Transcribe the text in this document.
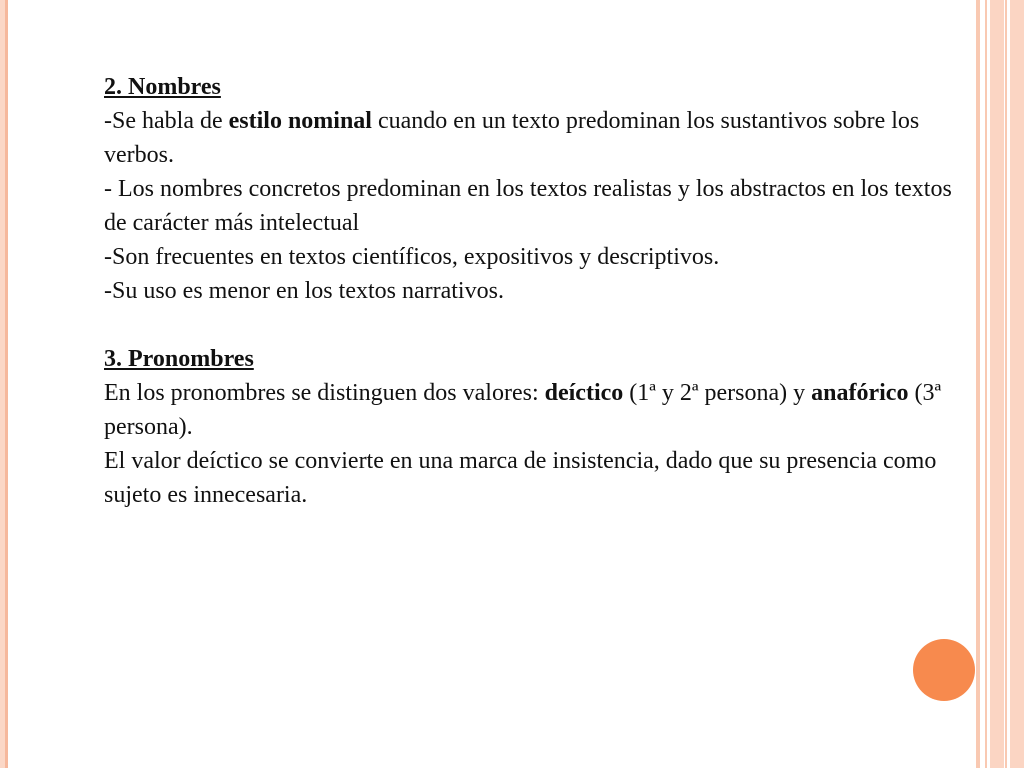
2. Nombres

-Se habla de estilo nominal cuando en un texto predominan los sustantivos sobre los verbos.

- Los nombres concretos predominan en los textos realistas y los abstractos en los textos de carácter más intelectual

-Son frecuentes en textos científicos, expositivos y descriptivos.

-Su uso es menor en los textos narrativos.

3. Pronombres

En los pronombres se distinguen dos valores: deíctico (1ª y 2ª persona) y anafórico (3ª persona).

El valor deíctico se convierte en una marca de insistencia, dado que su presencia como sujeto es innecesaria.
